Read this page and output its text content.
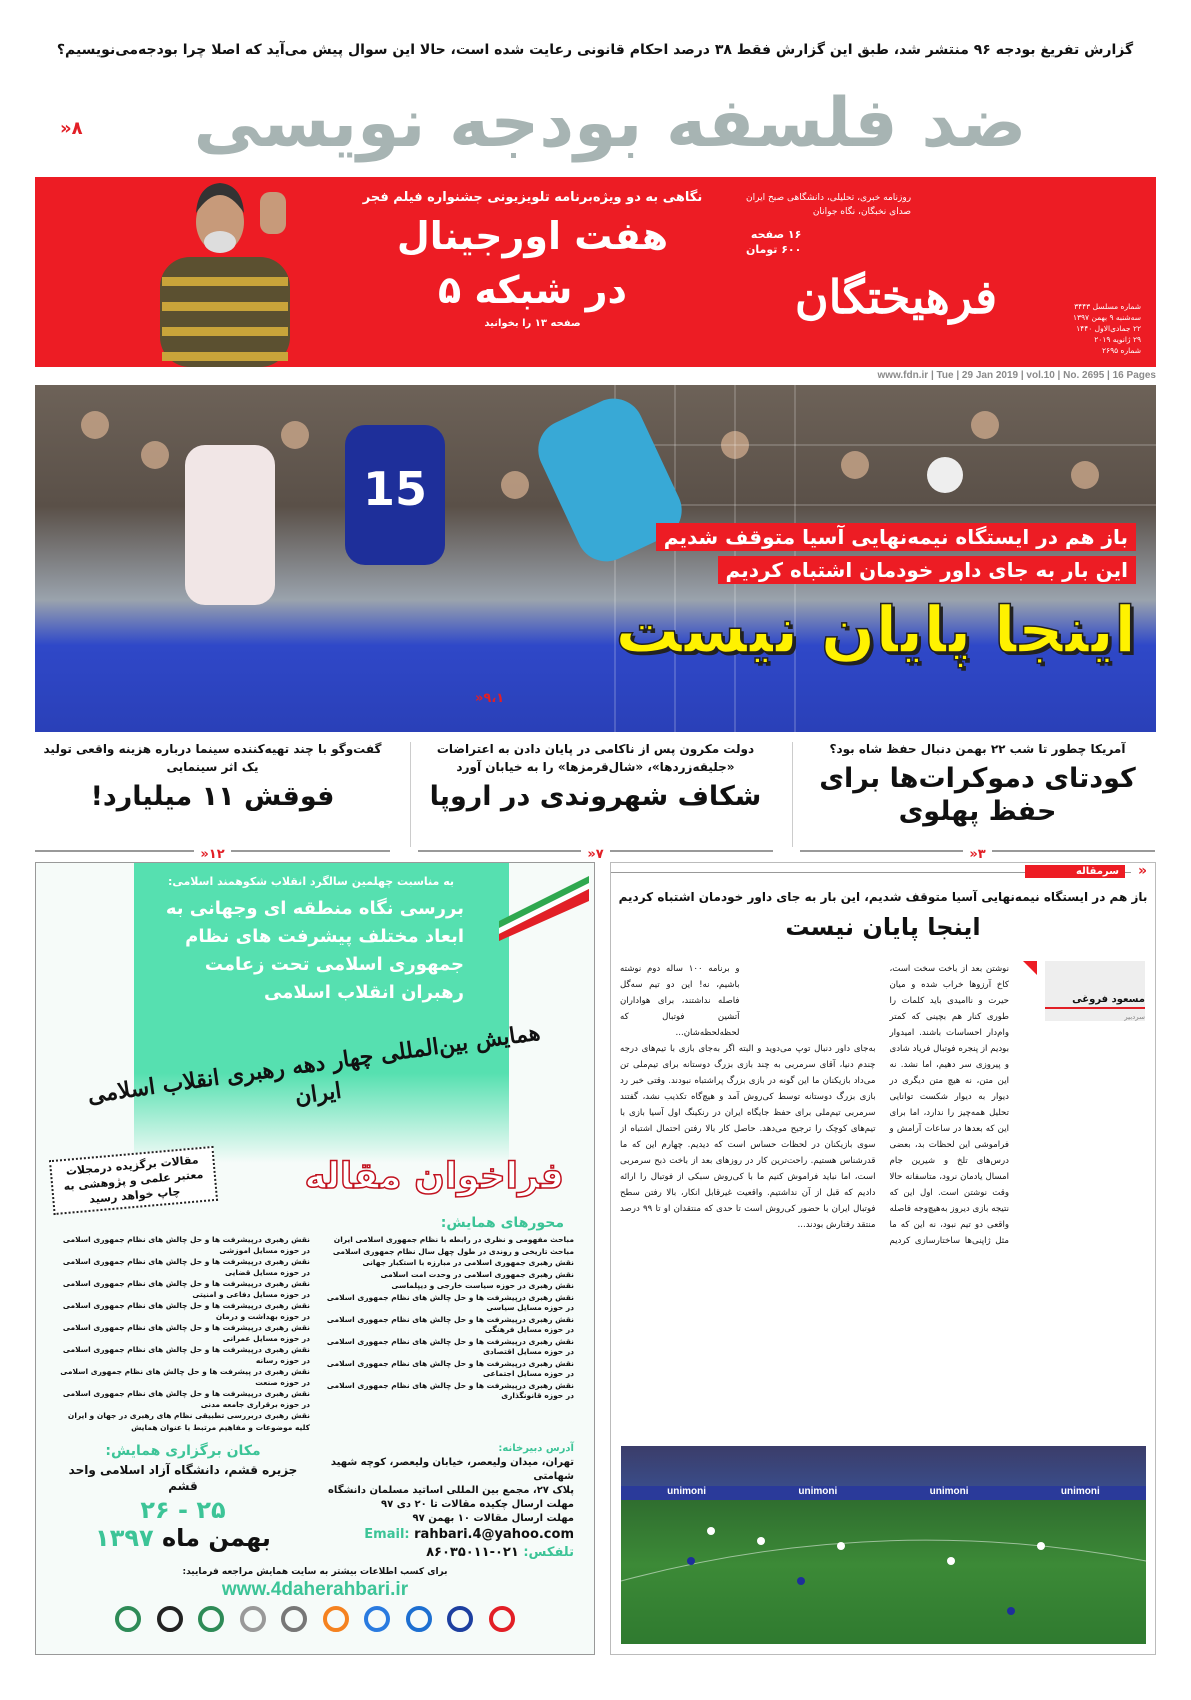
گزارش تفریغ بودجه ۹۶ منتشر شد، طبق این گزارش فقط ۳۸ درصد احکام قانونی رعایت شده است، حالا این سوال پیش می‌آید که اصلا چرا بودجه‌می‌نویسیم؟
ضد فلسفه بودجه نویسی
۸«
نگاهی به دو ویژه‌برنامه تلویزیونی جشنواره فیلم فجر
هفت اورجینال
در شبکه ۵
صفحه ۱۳ را بخوانید	فرهیختگان
روزنامه خبری، تحلیلی، دانشگاهی صبح ایران
صدای نخبگان، نگاه جوانان
۱۶ صفحه
۶۰۰ تومان
شماره مسلسل ۳۴۴۳
سه‌شنبه ۹ بهمن ۱۳۹۷
۲۲ جمادی‌الاول ۱۴۴۰
۲۹ ژانویه ۲۰۱۹
شماره ۲۶۹۵
www.fdn.ir | Tue | 29 Jan 2019 | vol.10 | No. 2695 | 16 Pages
15
باز هم در ایستگاه نیمه‌نهایی آسیا متوقف شدیم
این بار به جای داور خودمان اشتباه کردیم
اینجا پایان نیست
۹،۱«
آمریکا چطور تا شب ۲۲ بهمن دنبال حفظ شاه بود؟
کودتای دموکرات‌ها برای حفظ پهلوی
$^{۳«}$
دولت مکرون پس از ناکامی در پایان دادن به اعتراضات «جلیقه‌زردها»، «شال‌قرمزها» را به خیابان آورد
شکاف شهروندی در اروپا
$^{۷«}$
گفت‌وگو با چند تهیه‌کننده سینما درباره هزینه واقعی تولید یک اثر سینمایی
فوقش ۱۱ میلیارد!
$^{۱۲«}$
به مناسبت چهلمین سالگرد انقلاب شکوهمند اسلامی:
بررسی نگاه منطقه ای وجهانی به ابعاد مختلف پیشرفت های نظام جمهوری اسلامی تحت زعامت رهبران انقلاب اسلامی
همایش بین‌المللی چهار دهه رهبری انقلاب اسلامی ایران
مقالات برگزیده درمجلات معتبر علمی و پژوهشی به چاپ خواهد رسید	فراخوان مقاله
محورهای همایش:
مباحث مفهومی و نظری در رابطه با نظام جمهوری اسلامی ایران
مباحث تاریخی و روندی در طول چهل سال نظام جمهوری اسلامی
نقش رهبری جمهوری اسلامی در مبارزه با استکبار جهانی
نقش رهبری جمهوری اسلامی در وحدت امت اسلامی
نقش رهبری در حوزه سیاست خارجی و دیپلماسی
نقش رهبری درپیشرفت ها و حل چالش های نظام جمهوری اسلامی در حوزه مسایل سیاسی
نقش رهبری درپیشرفت ها و حل چالش های نظام جمهوری اسلامی در حوزه مسایل فرهنگی
نقش رهبری درپیشرفت ها و حل چالش های نظام جمهوری اسلامی در حوزه مسایل اقتصادی
نقش رهبری درپیشرفت ها و حل چالش های نظام جمهوری اسلامی در حوزه مسایل اجتماعی
نقش رهبری درپیشرفت ها و حل چالش های نظام جمهوری اسلامی در حوزه قانونگذاری
نقش رهبری درپیشرفت ها و حل چالش های نظام جمهوری اسلامی در حوزه مسایل اموزشی
نقش رهبری درپیشرفت ها و حل چالش های نظام جمهوری اسلامی در حوزه مسایل قضایی
نقش رهبری درپیشرفت ها و حل چالش های نظام جمهوری اسلامی در حوزه مسایل دفاعی و امنیتی
نقش رهبری درپیشرفت ها و حل چالش های نظام جمهوری اسلامی در حوزه بهداشت و درمان
نقش رهبری درپیشرفت ها و حل چالش های نظام جمهوری اسلامی در حوزه مسایل عمرانی
نقش رهبری درپیشرفت ها و حل چالش های نظام جمهوری اسلامی در حوزه رسانه
نقش رهبری در پیشرفت ها و حل چالش های نظام جمهوری اسلامی در حوزه صنعت
نقش رهبری درپیشرفت ها و حل چالش های نظام جمهوری اسلامی در حوزه برقراری جامعه مدنی
نقش رهبری دربررسی تطبیقی نظام های رهبری در جهان و ایران
کلیه موضوعات و مفاهیم مرتبط با عنوان همایش
آدرس دبیرخانه:
تهران، میدان ولیعصر، خیابان ولیعصر، کوچه شهید شهامتی
پلاک ۲۷، مجمع بین المللی اساتید مسلمان دانشگاه
مهلت ارسال چکیده مقالات تا ۲۰ دی ۹۷
مهلت ارسال مقالات ۱۰ بهمن ۹۷
Email: rahbari.4@yahoo.com
تلفکس: ۰۲۱-۸۶۰۳۵۰۱۱
مکان برگزاری همایش:
جزیره قشم، دانشگاه آزاد اسلامی واحد قشم
۲۵ - ۲۶
بهمن ماه ۱۳۹۷
برای کسب اطلاعات بیشتر به سایت همایش مراجعه فرمایید:
www.4daherahbari.ir
«
سرمقاله
باز هم در ایستگاه نیمه‌نهایی آسیا متوقف شدیم، این بار به جای داور خودمان اشتباه کردیم
اینجا پایان نیست

نوشتن بعد از باخت سخت است، کاخ آرزوها خراب شده و میان حیرت و ناامیدی باید کلمات را طوری کنار هم بچینی که کمتر وام‌دار احساسات باشند. امیدوار بودیم از پنجره فوتبال فریاد شادی و پیروزی سر دهیم، اما نشد. نه این متن، نه هیچ متن دیگری در دیوار به دیوار شکست توانایی تحلیل همه‌چیز را ندارد، اما برای این که بعدها در ساعات آرامش و فراموشی این لحظات بد، بعضی درس‌های تلخ و شیرین جام امسال یادمان نرود، متاسفانه حالا وقت نوشتن است. اول این که نتیجه بازی دیروز به‌هیچ‌وجه فاصله واقعی دو تیم نبود، نه این که ما مثل ژاپنی‌ها ساختارسازی کردیم و برنامه ۱۰۰ ساله دوم نوشته باشیم، نه! این دو تیم سه‌گل فاصله نداشتند، برای هواداران آتشین فوتبال که لحظه‌لحظه‌شان...

به‌جای داور دنبال توپ می‌دوید و البته اگر به‌جای بازی با تیم‌های درجه چندم دنیا، آقای سرمربی به چند بازی بزرگ دوستانه برای تیم‌ملی تن می‌داد بازیکنان ما این گونه در بازی بزرگ پراشتباه نبودند. وقتی خبر رد بازی بزرگ دوستانه توسط کی‌روش آمد و هیچ‌گاه تکذیب نشد، گفتند سرمربی تیم‌ملی برای حفظ جایگاه ایران در رنکینگ اول آسیا بازی با تیم‌های کوچک را ترجیح می‌دهد. حاصل کار بالا رفتن احتمال اشتباه از سوی بازیکنان در لحظات حساس است که دیدیم. چهارم این که ما قدرشناس هستیم. راحت‌ترین کار در روزهای بعد از باخت ذبح سرمربی است، اما نباید فراموش کنیم ما با کی‌روش سبکی از فوتبال را ارائه دادیم که قبل از آن نداشتیم. واقعیت غیرقابل انکار، بالا رفتن سطح فوتبال ایران با حضور کی‌روش است تا حدی که منتقدان او تا ۹۹ درصد منتقد رفتارش بودند...

مسعود فروغی
سردبیر
unimoni	unimoni	unimoni	unimoni
